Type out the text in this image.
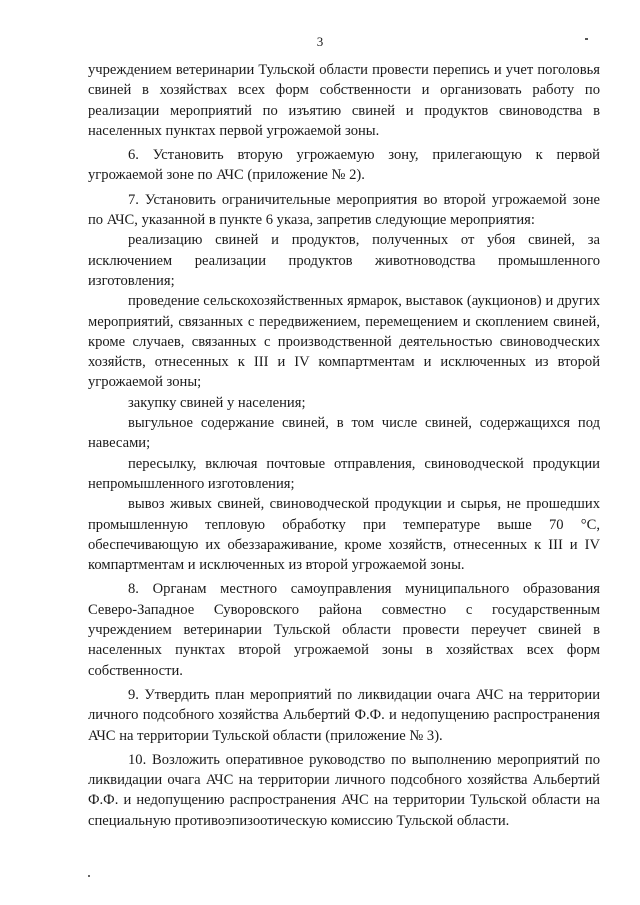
3

учреждением ветеринарии Тульской области провести перепись и учет поголовья свиней в хозяйствах всех форм собственности и организовать работу по реализации мероприятий по изъятию свиней и продуктов свиноводства в населенных пунктах первой угрожаемой зоны.

6. Установить вторую угрожаемую зону, прилегающую к первой угрожаемой зоне по АЧС (приложение № 2).

7. Установить ограничительные мероприятия во второй угрожаемой зоне по АЧС, указанной в пункте 6 указа, запретив следующие мероприятия:

реализацию свиней и продуктов, полученных от убоя свиней, за исключением реализации продуктов животноводства промышленного изготовления;

проведение сельскохозяйственных ярмарок, выставок (аукционов) и других мероприятий, связанных с передвижением, перемещением и скоплением свиней, кроме случаев, связанных с производственной деятельностью свиноводческих хозяйств, отнесенных к III и IV компартментам и исключенных из второй угрожаемой зоны;

закупку свиней у населения;

выгульное содержание свиней, в том числе свиней, содержащихся под навесами;

пересылку, включая почтовые отправления, свиноводческой продукции непромышленного изготовления;

вывоз живых свиней, свиноводческой продукции и сырья, не прошедших промышленную тепловую обработку при температуре выше 70 °С, обеспечивающую их обеззараживание, кроме хозяйств, отнесенных к III и IV компартментам и исключенных из второй угрожаемой зоны.

8. Органам местного самоуправления муниципального образования Северо-Западное Суворовского района совместно с государственным учреждением ветеринарии Тульской области провести переучет свиней в населенных пунктах второй угрожаемой зоны в хозяйствах всех форм собственности.

9. Утвердить план мероприятий по ликвидации очага АЧС на территории личного подсобного хозяйства Альбертий Ф.Ф. и недопущению распространения АЧС на территории Тульской области (приложение № 3).

10. Возложить оперативное руководство по выполнению мероприятий по ликвидации очага АЧС на территории личного подсобного хозяйства Альбертий Ф.Ф. и недопущению распространения АЧС на территории Тульской области на специальную противоэпизоотическую комиссию Тульской области.
